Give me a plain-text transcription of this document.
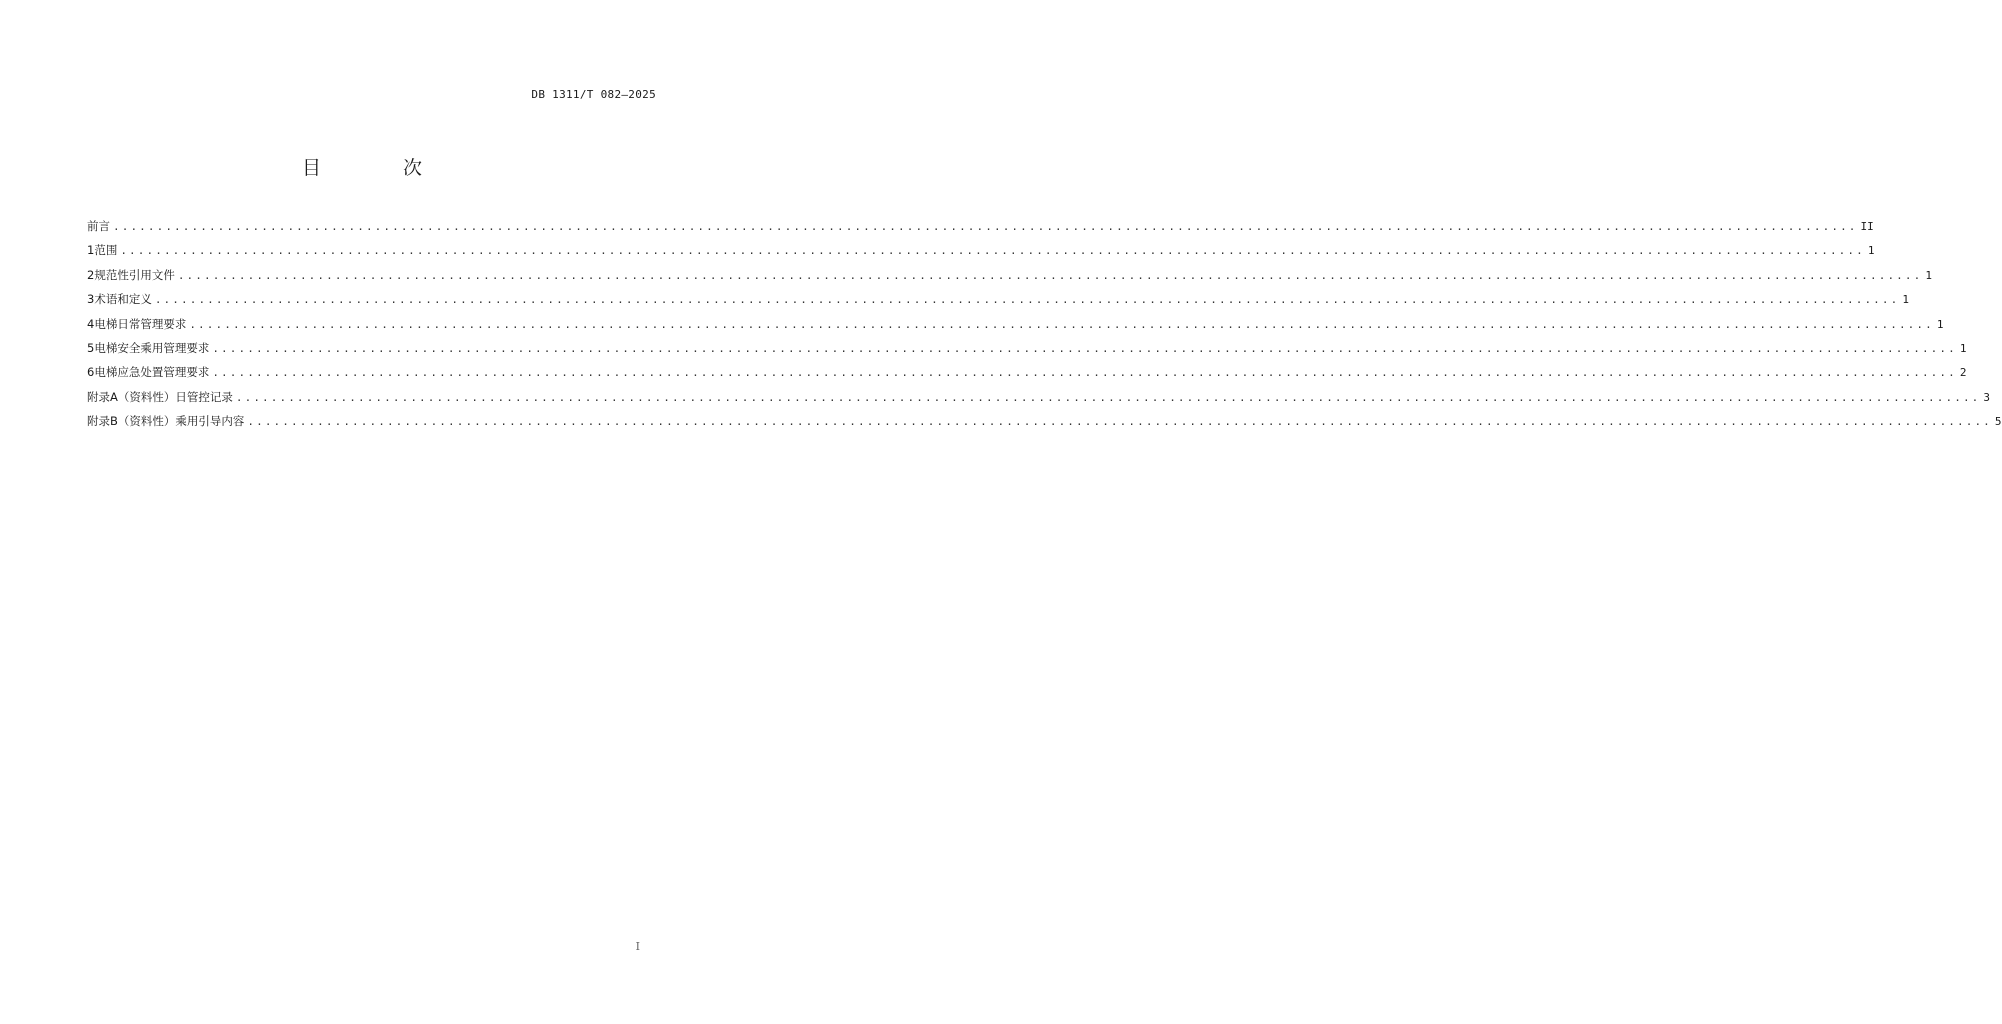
DB 1311/T 082—2025
目 次
前言 ........................................................................................................................................................................................................ II
1 范围 ........................................................................................................................................................................................................ 1
2 规范性引用文件 ........................................................................................................................................................................................................ 1
3 术语和定义 ........................................................................................................................................................................................................ 1
4 电梯日常管理要求 ........................................................................................................................................................................................................ 1
5 电梯安全乘用管理要求 ........................................................................................................................................................................................................ 1
6 电梯应急处置管理要求 ........................................................................................................................................................................................................ 2
附录A（资料性） 日管控记录 ........................................................................................................................................................................................................ 3
附录B（资料性） 乘用引导内容 ........................................................................................................................................................................................................ 5
I
